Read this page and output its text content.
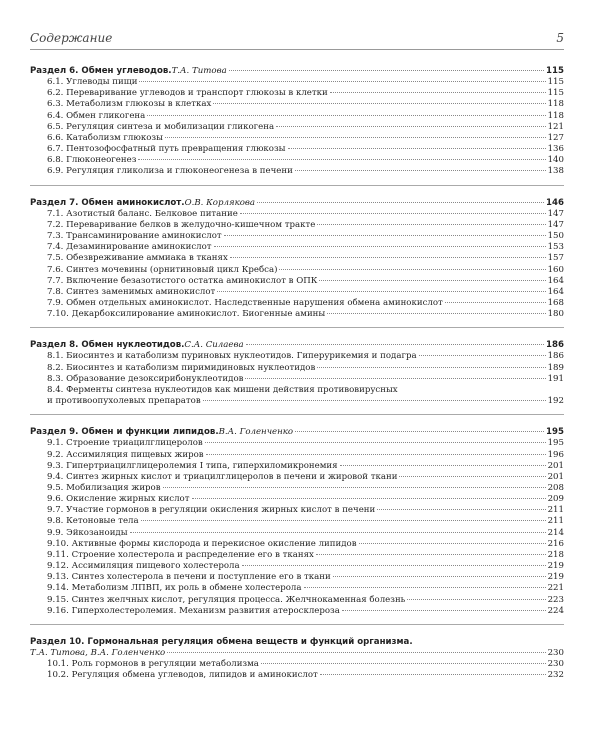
Содержание	5
Раздел 6. Обмен углеводов. Т.А. Титова	115
6.1. Углеводы пищи	115
6.2. Переваривание углеводов и транспорт глюкозы в клетки	115
6.3. Метаболизм глюкозы в клетках	118
6.4. Обмен гликогена	118
6.5. Регуляция синтеза и мобилизации гликогена	121
6.6. Катаболизм глюкозы	127
6.7. Пентозофосфатный путь превращения глюкозы	136
6.8. Глюконеогенез	140
6.9. Регуляция гликолиза и глюконеогенеза в печени	138
Раздел 7. Обмен аминокислот. О.В. Корлякова	146
7.1. Азотистый баланс. Белковое питание	147
7.2. Переваривание белков в желудочно-кишечном тракте	147
7.3. Трансаминирование аминокислот	150
7.4. Дезаминирование аминокислот	153
7.5. Обезвреживание аммиака в тканях	157
7.6. Синтез мочевины (орнитиновый цикл Кребса)	160
7.7. Включение безазотистого остатка аминокислот в ОПК	164
7.8. Синтез заменимых аминокислот	164
7.9. Обмен отдельных аминокислот. Наследственные нарушения обмена аминокислот	168
7.10. Декарбоксилирование аминокислот. Биогенные амины	180
Раздел 8. Обмен нуклеотидов. С.А. Силаева	186
8.1. Биосинтез и катаболизм пуриновых нуклеотидов. Гиперурикемия и подагра	186
8.2. Биосинтез и катаболизм пиримидиновых нуклеотидов	189
8.3. Образование дезоксирибонуклеотидов	191
8.4. Ферменты синтеза нуклеотидов как мишени действия противовирусных
и противоопухолевых препаратов	192
Раздел 9. Обмен и функции липидов. В.А. Голенченко	195
9.1. Строение триацилглицеролов	195
9.2. Ассимиляция пищевых жиров	196
9.3. Гипертриацилглицеролемия I типа, гиперхиломикронемия	201
9.4. Синтез жирных кислот и триацилглицеролов в печени и жировой ткани	201
9.5. Мобилизация жиров	208
9.6. Окисление жирных кислот	209
9.7. Участие гормонов в регуляции окисления жирных кислот в печени	211
9.8. Кетоновые тела	211
9.9. Эйкозаноиды	214
9.10. Активные формы кислорода и перекисное окисление липидов	216
9.11. Строение холестерола и распределение его в тканях	218
9.12. Ассимиляция пищевого холестерола	219
9.13. Синтез холестерола в печени и поступление его в ткани	219
9.14. Метаболизм ЛПВП, их роль в обмене холестерола	221
9.15. Синтез желчных кислот, регуляция процесса. Желчнокаменная болезнь	223
9.16. Гиперхолестеролемия. Механизм развития атеросклероза	224
Раздел 10. Гормональная регуляция обмена веществ и функций организма.
Т.А. Титова, В.А. Голенченко	230
10.1. Роль гормонов в регуляции метаболизма	230
10.2. Регуляция обмена углеводов, липидов и аминокислот	232
